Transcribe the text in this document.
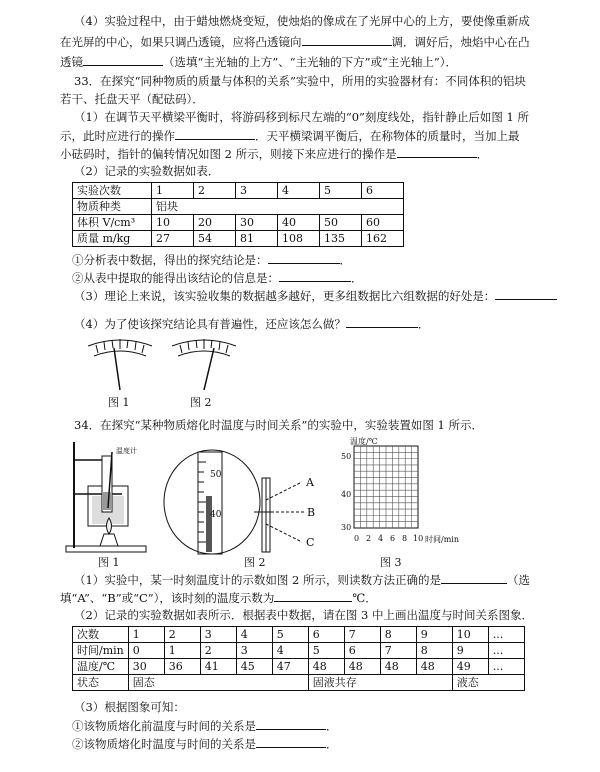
（4）实验过程中，由于蜡烛燃烧变短，使烛焰的像成在了光屏中心的上方，要使像重新成
在光屏的中心，如果只调凸透镜，应将凸透镜向	调．调好后，烛焰中心在凸
透镜	（选填“主光轴的上方”、“主光轴的下方”或“主光轴上”）．
33．在探究“同种物质的质量与体积的关系”实验中，所用的实验器材有：不同体积的铝块
若干、托盘天平（配砝码）．
（1）在调节天平横梁平衡时，将游码移到标尺左端的“0”刻度线处，指针静止后如图 1 所
示，此时应进行的操作	．天平横梁调平衡后，在称物体的质量时，当加上最
小砝码时，指针的偏转情况如图 2 所示，则接下来应进行的操作是	．
（2）记录的实验数据如表．
实验次数	1	2	3	4	5	6
物质种类	铝块					
体积 V/cm³	10	20	30	40	50	60
质量 m/kg	27	54	81	108	135	162
①分析表中数据，得出的探究结论是：	．
②从表中提取的能得出该结论的信息是：	．
（3）理论上来说，该实验收集的数据越多越好，更多组数据比六组数据的好处是：
（4）为了使该探究结论具有普遍性，还应该怎么做？	．
图 1	图 2
34．在探究“某种物质熔化时温度与时间关系”的实验中，实验装置如图 1 所示．
温度计
50
40
A
B
C
温度/℃
50
40
30
0 2 4 6 8 10 时间/min
图 1	图 2	图 3
（1）实验中，某一时刻温度计的示数如图 2 所示，则读数方法正确的是	（选
填“A”、“B”或“C”），该时刻的温度示数为	℃．
（2）记录的实验数据如表所示．根据表中数据，请在图 3 中上画出温度与时间关系图象．
次数	1	2	3	4	5	6	7	8	9	10	...
时间/min	0	1	2	3	4	5	6	7	8	9	...
温度/℃	30	36	41	45	47	48	48	48	48	49	...
状态	固态					固液共存				液态	
（3）根据图象可知：
①该物质熔化前温度与时间的关系是	．
②该物质熔化时温度与时间的关系是	．
